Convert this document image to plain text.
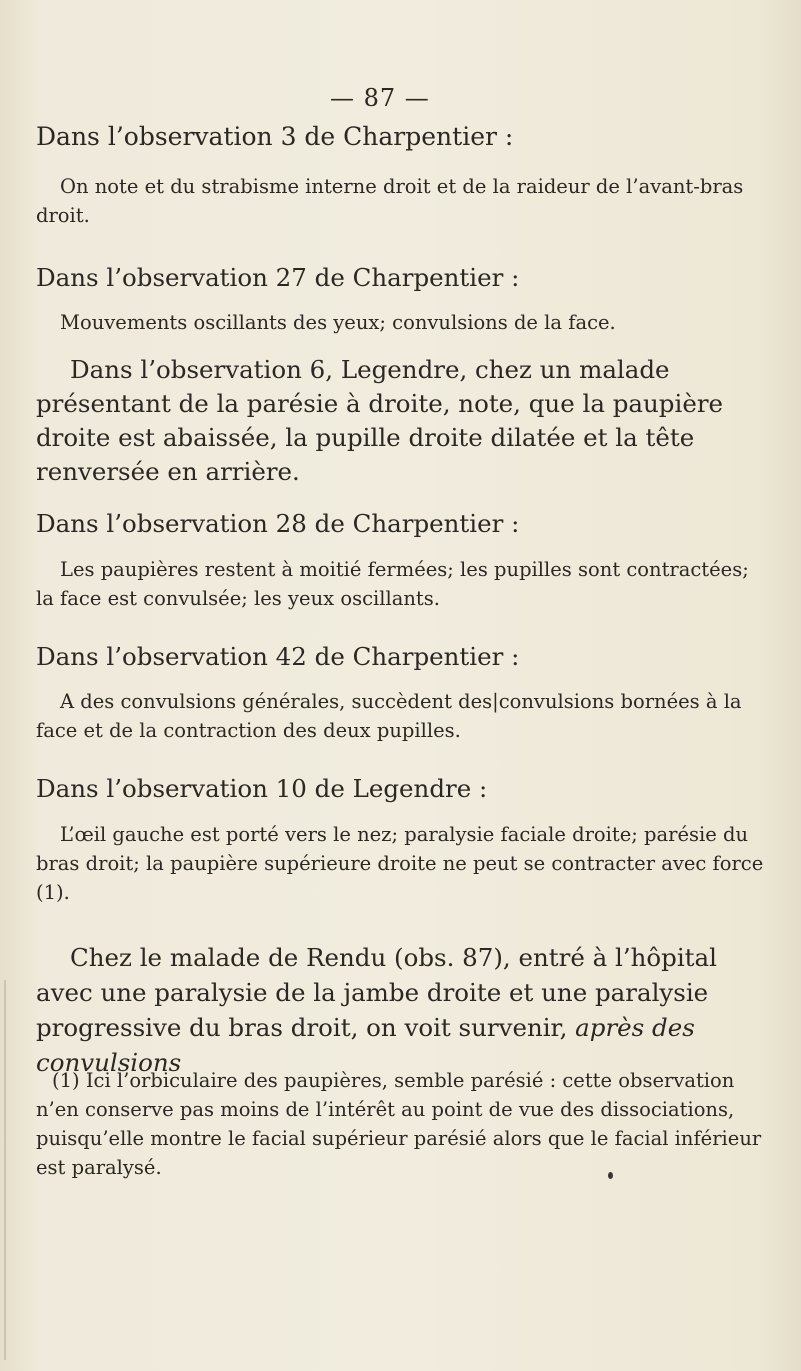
— 87 —
Dans l’observation 3 de Charpentier :
On note et du strabisme interne droit et de la raideur de l’avant-bras droit.
Dans l’observation 27 de Charpentier :
Mouvements oscillants des yeux; convulsions de la face.
Dans l’observation 6, Legendre, chez un malade présentant de la parésie à droite, note, que la paupière droite est abaissée, la pupille droite dilatée et la tête renversée en arrière.
Dans l’observation 28 de Charpentier :
Les paupières restent à moitié fermées; les pupilles sont contractées; la face est convulsée; les yeux oscillants.
Dans l’observation 42 de Charpentier :
A des convulsions générales, succèdent des|convulsions bornées à la face et de la contraction des deux pupilles.
Dans l’observation 10 de Legendre :
L’œil gauche est porté vers le nez; paralysie faciale droite; parésie du bras droit; la paupière supérieure droite ne peut se contracter avec force (1).
Chez le malade de Rendu (obs. 87), entré à l’hôpital avec une paralysie de la jambe droite et une paralysie progressive du bras droit, on voit survenir, après des convulsions
(1) Ici l’orbiculaire des paupières, semble parésié : cette observation n’en conserve pas moins de l’intérêt au point de vue des dissociations, puisqu’elle montre le facial supérieur parésié alors que le facial inférieur est paralysé.
